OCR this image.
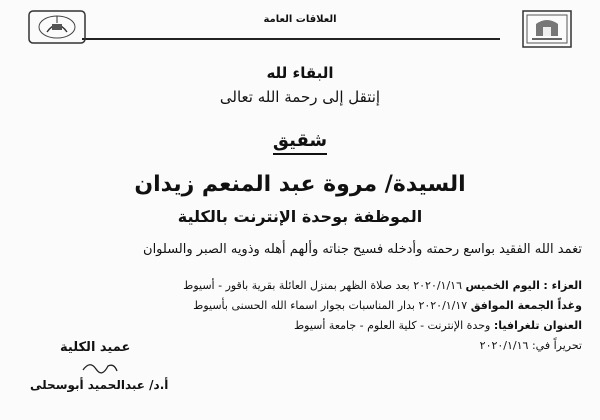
العلاقات العامة
البقاء لله
إنتقل إلى رحمة الله تعالى
شقيق
السيدة/ مروة عبد المنعم زيدان
الموظفة بوحدة الإنترنت بالكلية
تغمد الله الفقيد بواسع رحمته وأدخله فسيح جناته وألهم أهله وذويه الصبر والسلوان
العزاء : اليوم الخميس ٢٠٢٠/١/١٦ بعد صلاة الظهر بمنزل العائلة بقرية باقور - أسيوط
وغداً الجمعة الموافق ٢٠٢٠/١/١٧ بدار المناسبات بجوار اسماء الله الحسنى بأسيوط
العنوان تلغرافيا: وحدة الإنترنت - كلية العلوم - جامعة أسيوط
تحريراً في: ٢٠٢٠/١/١٦
عميد الكلية
أ.د/ عبدالحميد أبوسحلى
